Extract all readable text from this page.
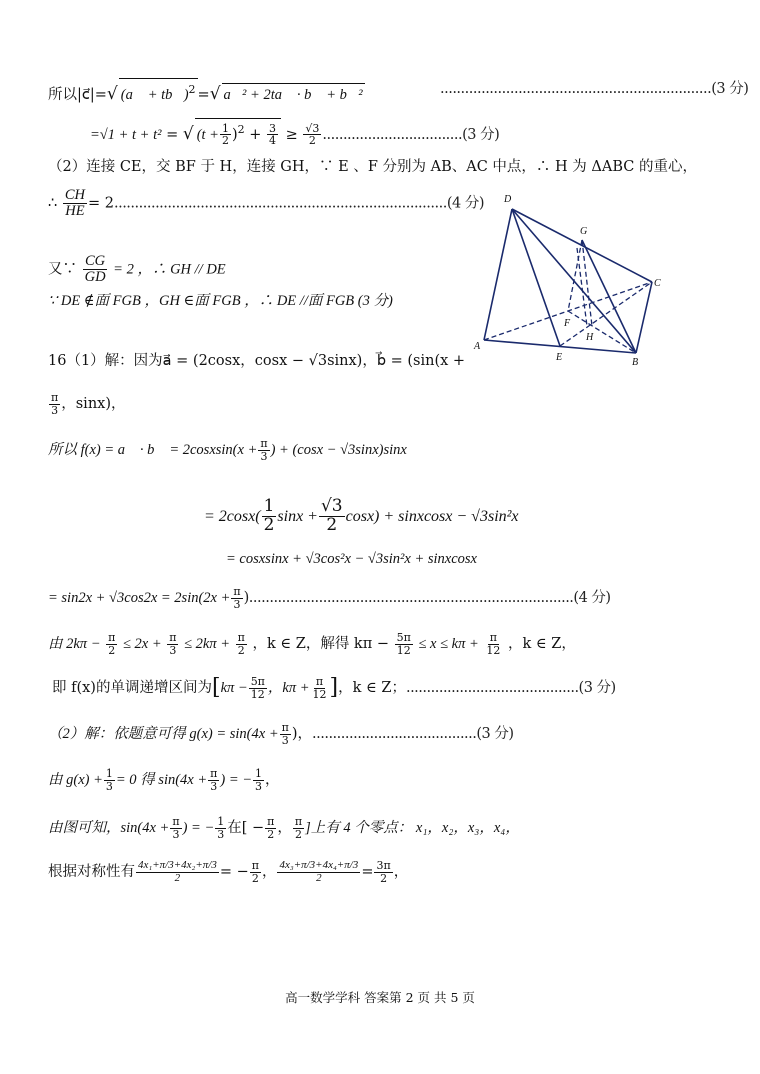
所以|c⃗|=√ (a⃗ + tb⃗)$^2$ =√ a⃗² + 2ta⃗ · b⃗ + b⃗²	..................................................................(3 分)
=√1 + t + t² = √ $(t + \frac{1}{2} )^2 + \frac{3}{4} \ge \frac{√3}{2} ..................................(3$ 分)
（2）连接 CE，交 BF 于 H，连接 GH，∵ E 、F 分别为 AB、AC 中点，∴ H 为 ΔABC 的重心，
∴ $\frac{CH}{HE} = 2.................................................................................(4$ 分)
又∵ $\frac{CG}{GD} = 2$ ，∴ GH // DE
∵ DE ∉面 FGB ，GH ∈面 FGB ，∴ DE //面 FGB (3 分)
D
G
C
A
F
H
E	B
16（1）解：因为a⃗ = (2cosx，cosx − √3sinx)，b⃗ = (sin(x +
$\frac{\pi}{3}$ ，sinx)，
所以 f(x) = a⃗ · b⃗ = 2cosxsin(x + $\frac{\pi}{3}$ ) + (cosx − √3sinx)sinx
= $2\cos x( \frac{1}{2}$ $\sin x + \frac{√3}{2} \cos x$) + sinxcosx − √3sin²x
= cosxsinx + √3cos²x − √3sin²x + sinxcosx
= $\sin 2x + √3\cos 2x = 2\sin(2x + \frac{\pi}{3} )...............................................................................(4$ 分)
由 $2k\pi - \frac{\pi}{2} \le 2x + \frac{\pi}{3} \le 2k\pi + \frac{\pi}{2}$ ，k ∈ Z，解得 $k\pi - \frac{5\pi}{12} \le x \le k\pi + \frac{\pi}{12}$ ，k ∈ Z，
即 f(x)的单调递增区间为[$k\pi - \frac{5\pi}{12}$ ，$k\pi + \frac{\pi}{12}$ ]，k ∈ Z；..........................................(3 分)
（2）解：依题意可得 $g(x) = \sin(4x + \frac{\pi}{3}$ )，........................................(3 分)
由 $g(x) + \frac{1}{3} = 0$ 得 $\sin(4x + \frac{\pi}{3}$ ) = − $\frac{1}{3}$ ，
由图可知，$\sin(4x + \frac{\pi}{3}$ ) = − $\frac{1}{3}$ 在[ − $\frac{\pi}{2}$ ， $\frac{\pi}{2}$ ]上有 4 个零点： x₁，x₂，x₃，x₄，
根据对称性有 $\frac{\text{4x₁+π/3+4x₂+π/3}}{2}$ = − $\frac{\pi}{2}$ ， $\frac{\text{4x₃+π/3+4x₄+π/3}}{2} = \frac{3\pi}{2}$ ，
高一数学学科 答案第 2 页 共 5 页
